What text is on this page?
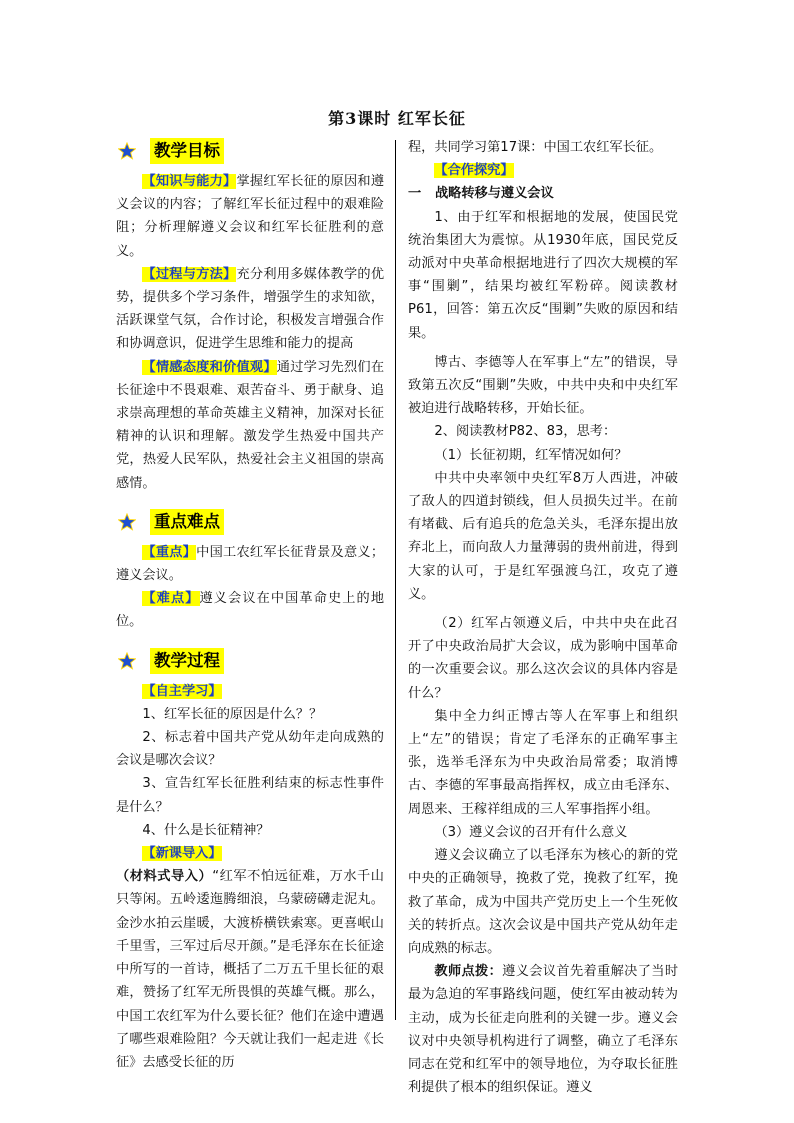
第3课时 红军长征
教学目标

【知识与能力】掌握红军长征的原因和遵义会议的内容；了解红军长征过程中的艰难险阻；分析理解遵义会议和红军长征胜利的意义。

【过程与方法】充分利用多媒体教学的优势，提供多个学习条件，增强学生的求知欲，活跃课堂气氛，合作讨论，积极发言增强合作和协调意识，促进学生思维和能力的提高

【情感态度和价值观】通过学习先烈们在长征途中不畏艰难、艰苦奋斗、勇于献身、追求崇高理想的革命英雄主义精神，加深对长征精神的认识和理解。激发学生热爱中国共产党，热爱人民军队，热爱社会主义祖国的崇高感情。

重点难点

【重点】中国工农红军长征背景及意义；遵义会议。

【难点】遵义会议在中国革命史上的地位。

教学过程

【自主学习】

1、红军长征的原因是什么？？

2、标志着中国共产党从幼年走向成熟的会议是哪次会议？

3、宣告红军长征胜利结束的标志性事件是什么？

4、什么是长征精神？

【新课导入】

（材料式导入）“红军不怕远征难，万水千山只等闲。五岭逶迤腾细浪，乌蒙磅礴走泥丸。金沙水拍云崖暖，大渡桥横铁索寒。更喜岷山千里雪，三军过后尽开颜。”是毛泽东在长征途中所写的一首诗，概括了二万五千里长征的艰难，赞扬了红军无所畏惧的英雄气概。那么，中国工农红军为什么要长征？他们在途中遭遇了哪些艰难险阻？今天就让我们一起走进《长征》去感受长征的历

程，共同学习第17课：中国工农红军长征。

【合作探究】

一 战略转移与遵义会议

1、由于红军和根据地的发展，使国民党统治集团大为震惊。从1930年底，国民党反动派对中央革命根据地进行了四次大规模的军事“围剿”，结果均被红军粉碎。阅读教材P61，回答：第五次反“围剿”失败的原因和结果。

博古、李德等人在军事上“左”的错误，导致第五次反“围剿”失败，中共中央和中央红军被迫进行战略转移，开始长征。

2、阅读教材P82、83，思考：

（1）长征初期，红军情况如何？

中共中央率领中央红军8万人西进，冲破了敌人的四道封锁线，但人员损失过半。在前有堵截、后有追兵的危急关头，毛泽东提出放弃北上，而向敌人力量薄弱的贵州前进，得到大家的认可，于是红军强渡乌江，攻克了遵义。

（2）红军占领遵义后，中共中央在此召开了中央政治局扩大会议，成为影响中国革命的一次重要会议。那么这次会议的具体内容是什么？

集中全力纠正博古等人在军事上和组织上“左”的错误；肯定了毛泽东的正确军事主张，选举毛泽东为中央政治局常委；取消博古、李德的军事最高指挥权，成立由毛泽东、周恩来、王稼祥组成的三人军事指挥小组。

（3）遵义会议的召开有什么意义

遵义会议确立了以毛泽东为核心的新的党中央的正确领导，挽救了党，挽救了红军，挽救了革命，成为中国共产党历史上一个生死攸关的转折点。这次会议是中国共产党从幼年走向成熟的标志。

教师点拨：遵义会议首先着重解决了当时最为急迫的军事路线问题，使红军由被动转为主动，成为长征走向胜利的关键一步。遵义会议对中央领导机构进行了调整，确立了毛泽东同志在党和红军中的领导地位，为夺取长征胜利提供了根本的组织保证。遵义
